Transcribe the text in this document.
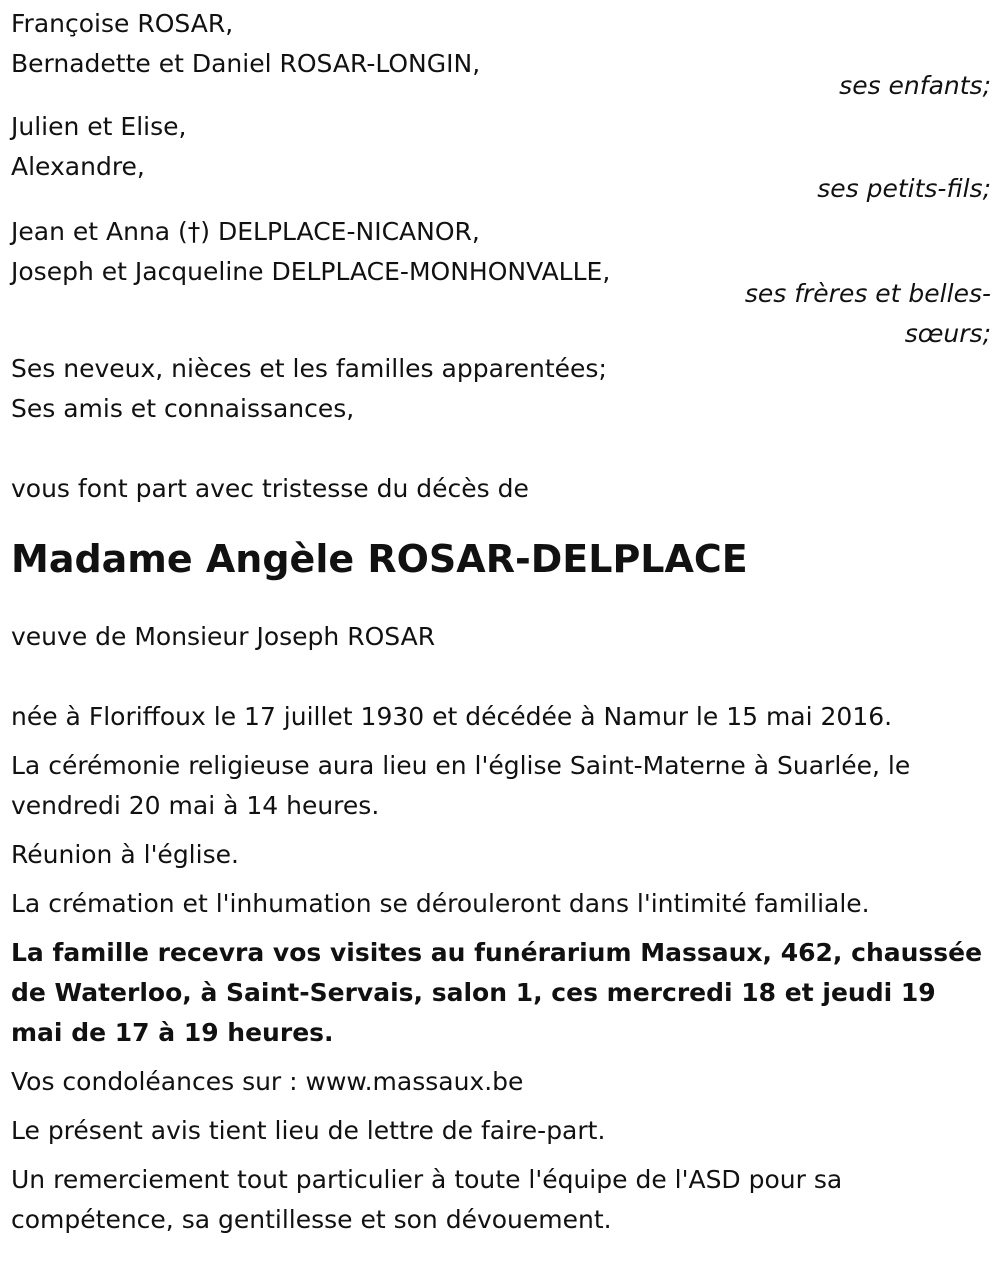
Françoise ROSAR,
Bernadette et Daniel ROSAR-LONGIN,
ses enfants;
Julien et Elise,
Alexandre,
ses petits-fils;
Jean et Anna (†) DELPLACE-NICANOR,
Joseph et Jacqueline DELPLACE-MONHONVALLE,
ses frères et belles-
sœurs;
Ses neveux, nièces et les familles apparentées;
Ses amis et connaissances,
vous font part avec tristesse du décès de
Madame Angèle ROSAR-DELPLACE
veuve de Monsieur Joseph ROSAR
née à Floriffoux le 17 juillet 1930 et décédée à Namur le 15 mai 2016.
La cérémonie religieuse aura lieu en l'église Saint-Materne à Suarlée, le vendredi 20 mai à 14 heures.
Réunion à l'église.
La crémation et l'inhumation se dérouleront dans l'intimité familiale.
La famille recevra vos visites au funérarium Massaux, 462, chaussée de Waterloo, à Saint-Servais, salon 1, ces mercredi 18 et jeudi 19 mai de 17 à 19 heures.
Vos condoléances sur : www.massaux.be
Le présent avis tient lieu de lettre de faire-part.
Un remerciement tout particulier à toute l'équipe de l'ASD pour sa compétence, sa gentillesse et son dévouement.
